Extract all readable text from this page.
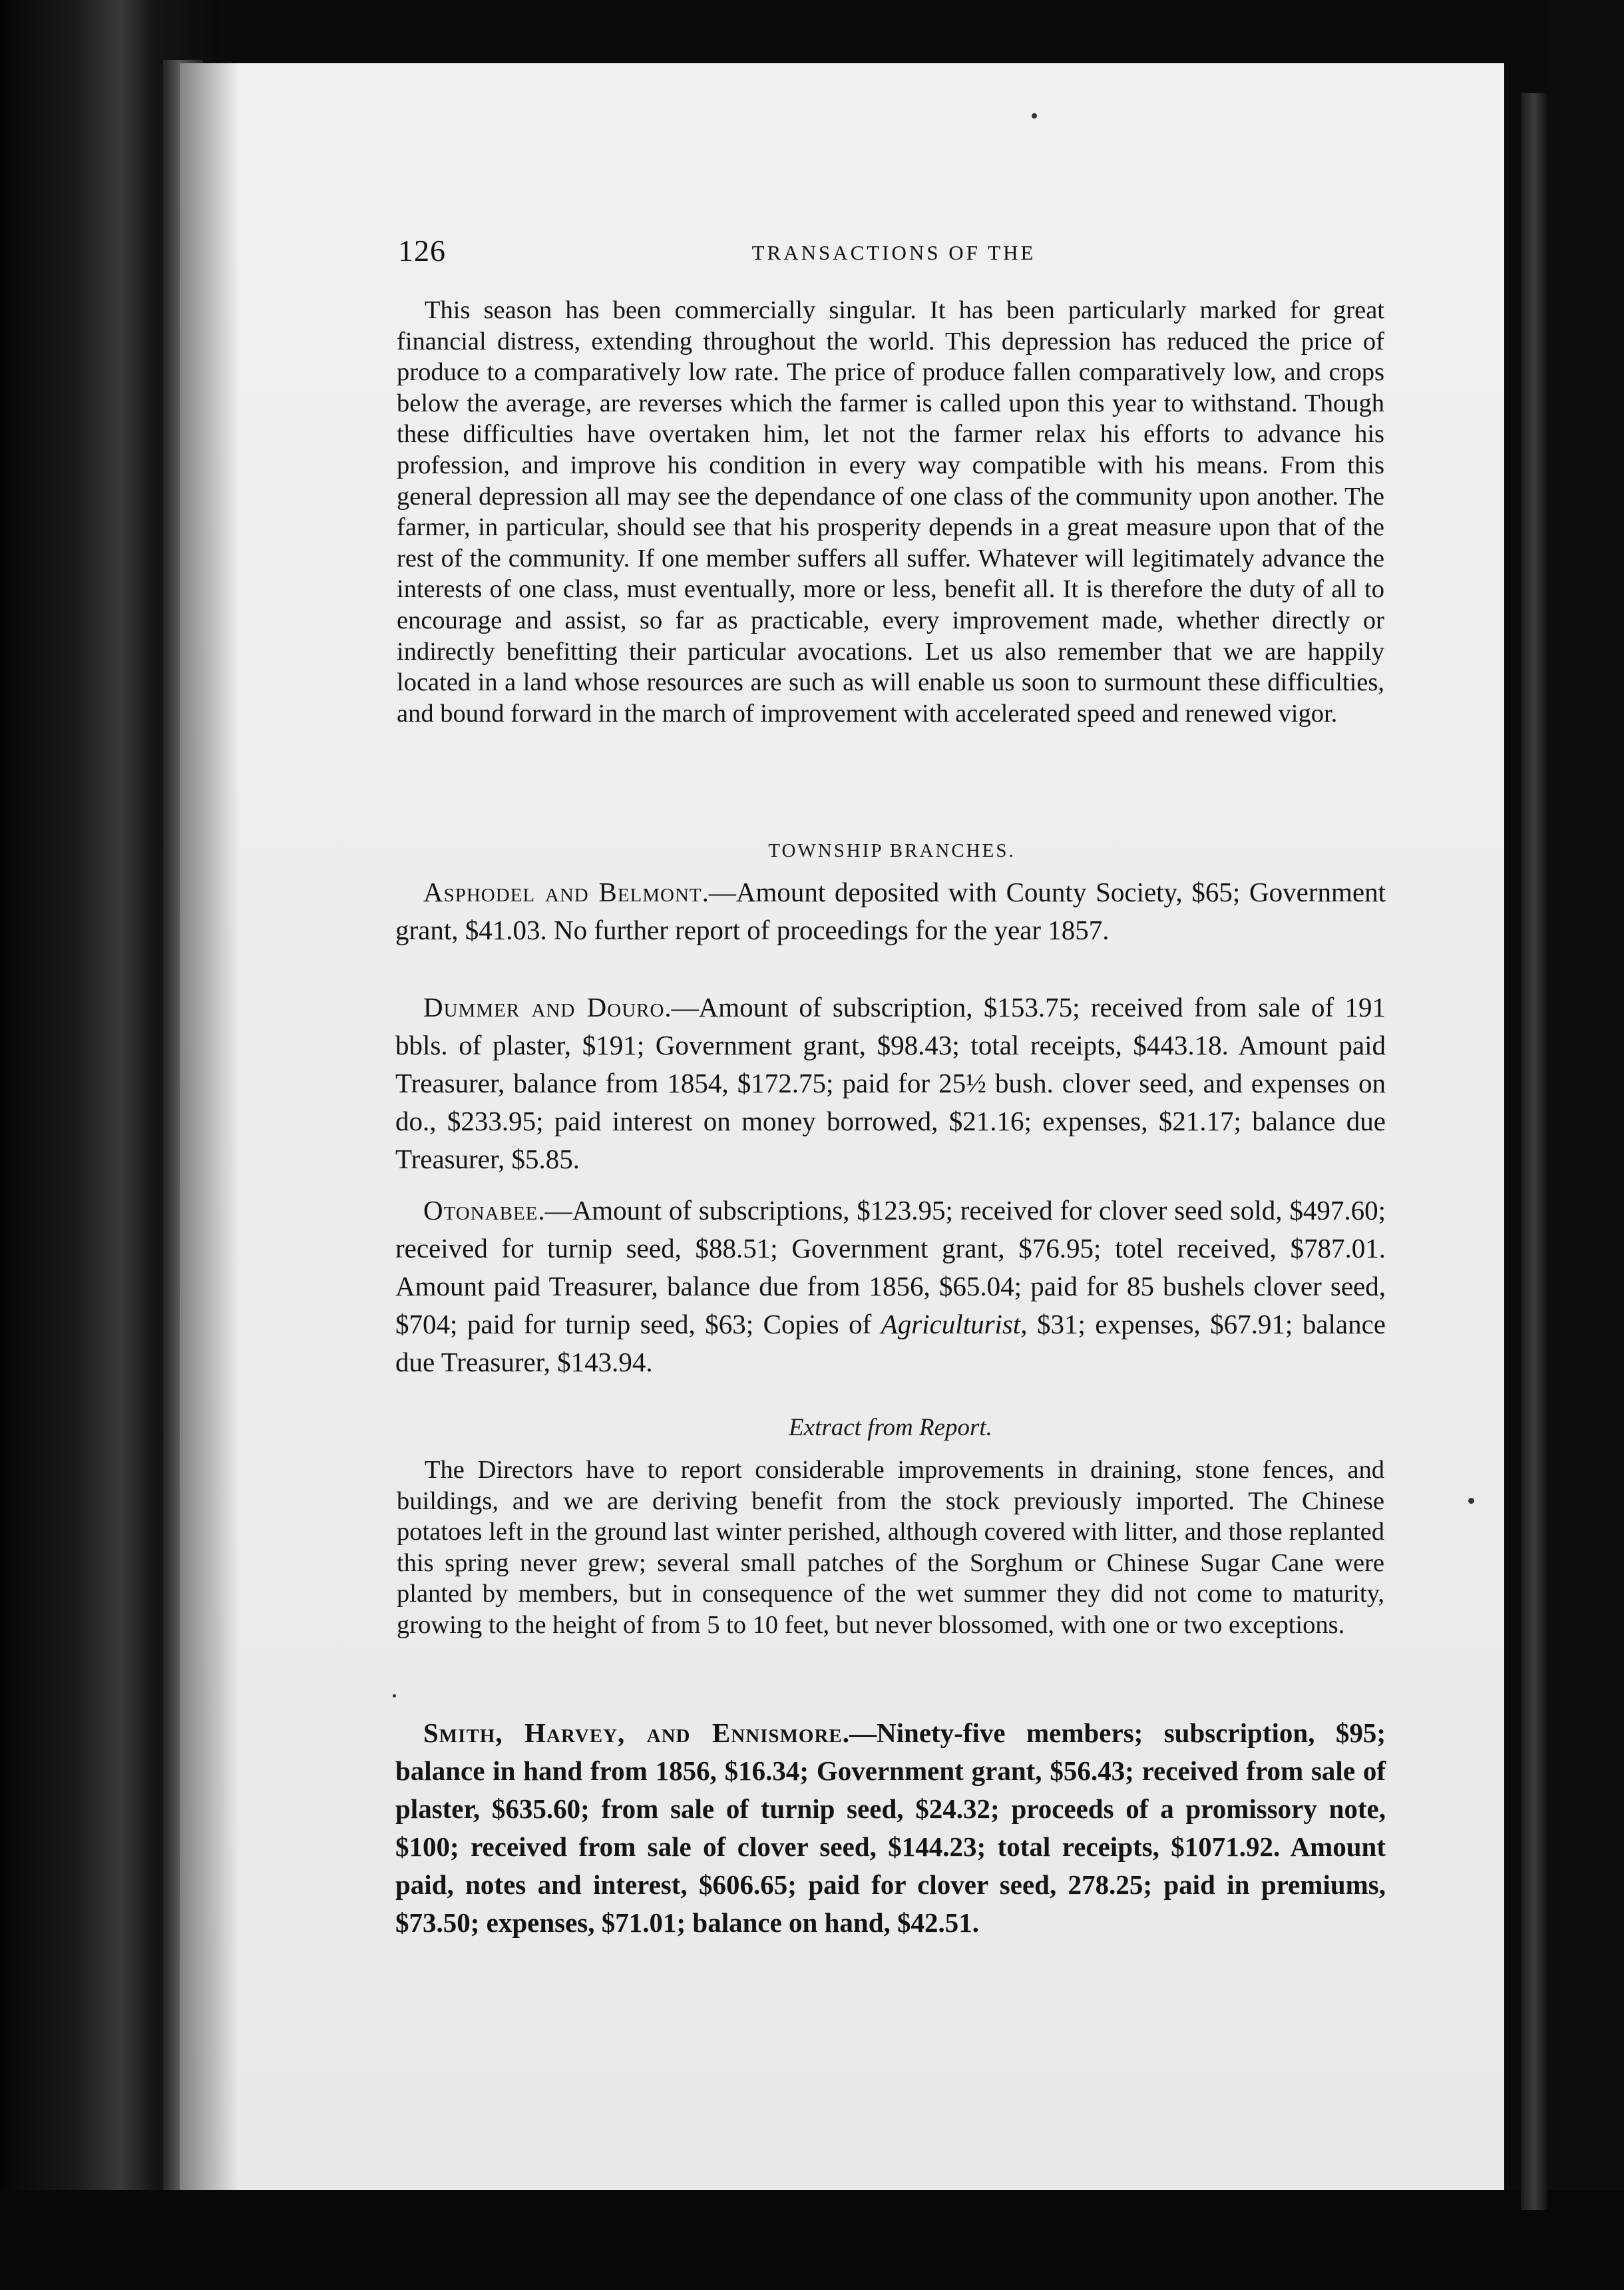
126	TRANSACTIONS OF THE

This season has been commercially singular. It has been particularly marked for great financial distress, extending throughout the world. This depression has reduced the price of produce to a comparatively low rate. The price of produce fallen comparatively low, and crops below the average, are reverses which the farmer is called upon this year to withstand. Though these difficulties have overtaken him, let not the farmer relax his efforts to advance his profession, and improve his condition in every way compatible with his means. From this general depression all may see the dependance of one class of the community upon another. The farmer, in particular, should see that his prosperity depends in a great measure upon that of the rest of the community. If one member suffers all suffer. Whatever will legitimately advance the interests of one class, must eventually, more or less, benefit all. It is therefore the duty of all to encourage and assist, so far as practicable, every improvement made, whether directly or indirectly benefitting their particular avocations. Let us also remember that we are happily located in a land whose resources are such as will enable us soon to surmount these difficulties, and bound forward in the march of improvement with accelerated speed and renewed vigor.

TOWNSHIP BRANCHES.

Asphodel and Belmont.—Amount deposited with County Society, $65; Government grant, $41.03. No further report of proceedings for the year 1857.

Dummer and Douro.—Amount of subscription, $153.75; received from sale of 191 bbls. of plaster, $191; Government grant, $98.43; total receipts, $443.18. Amount paid Treasurer, balance from 1854, $172.75; paid for 25½ bush. clover seed, and expenses on do., $233.95; paid interest on money borrowed, $21.16; expenses, $21.17; balance due Treasurer, $5.85.

Otonabee.—Amount of subscriptions, $123.95; received for clover seed sold, $497.60; received for turnip seed, $88.51; Government grant, $76.95; totel received, $787.01. Amount paid Treasurer, balance due from 1856, $65.04; paid for 85 bushels clover seed, $704; paid for turnip seed, $63; Copies of Agriculturist, $31; expenses, $67.91; balance due Treasurer, $143.94.

Extract from Report.

The Directors have to report considerable improvements in draining, stone fences, and buildings, and we are deriving benefit from the stock previously imported. The Chinese potatoes left in the ground last winter perished, although covered with litter, and those replanted this spring never grew; several small patches of the Sorghum or Chinese Sugar Cane were planted by members, but in consequence of the wet summer they did not come to maturity, growing to the height of from 5 to 10 feet, but never blossomed, with one or two exceptions.

Smith, Harvey, and Ennismore.—Ninety-five members; subscription, $95; balance in hand from 1856, $16.34; Government grant, $56.43; received from sale of plaster, $635.60; from sale of turnip seed, $24.32; proceeds of a promissory note, $100; received from sale of clover seed, $144.23; total receipts, $1071.92. Amount paid, notes and interest, $606.65; paid for clover seed, 278.25; paid in premiums, $73.50; expenses, $71.01; balance on hand, $42.51.
